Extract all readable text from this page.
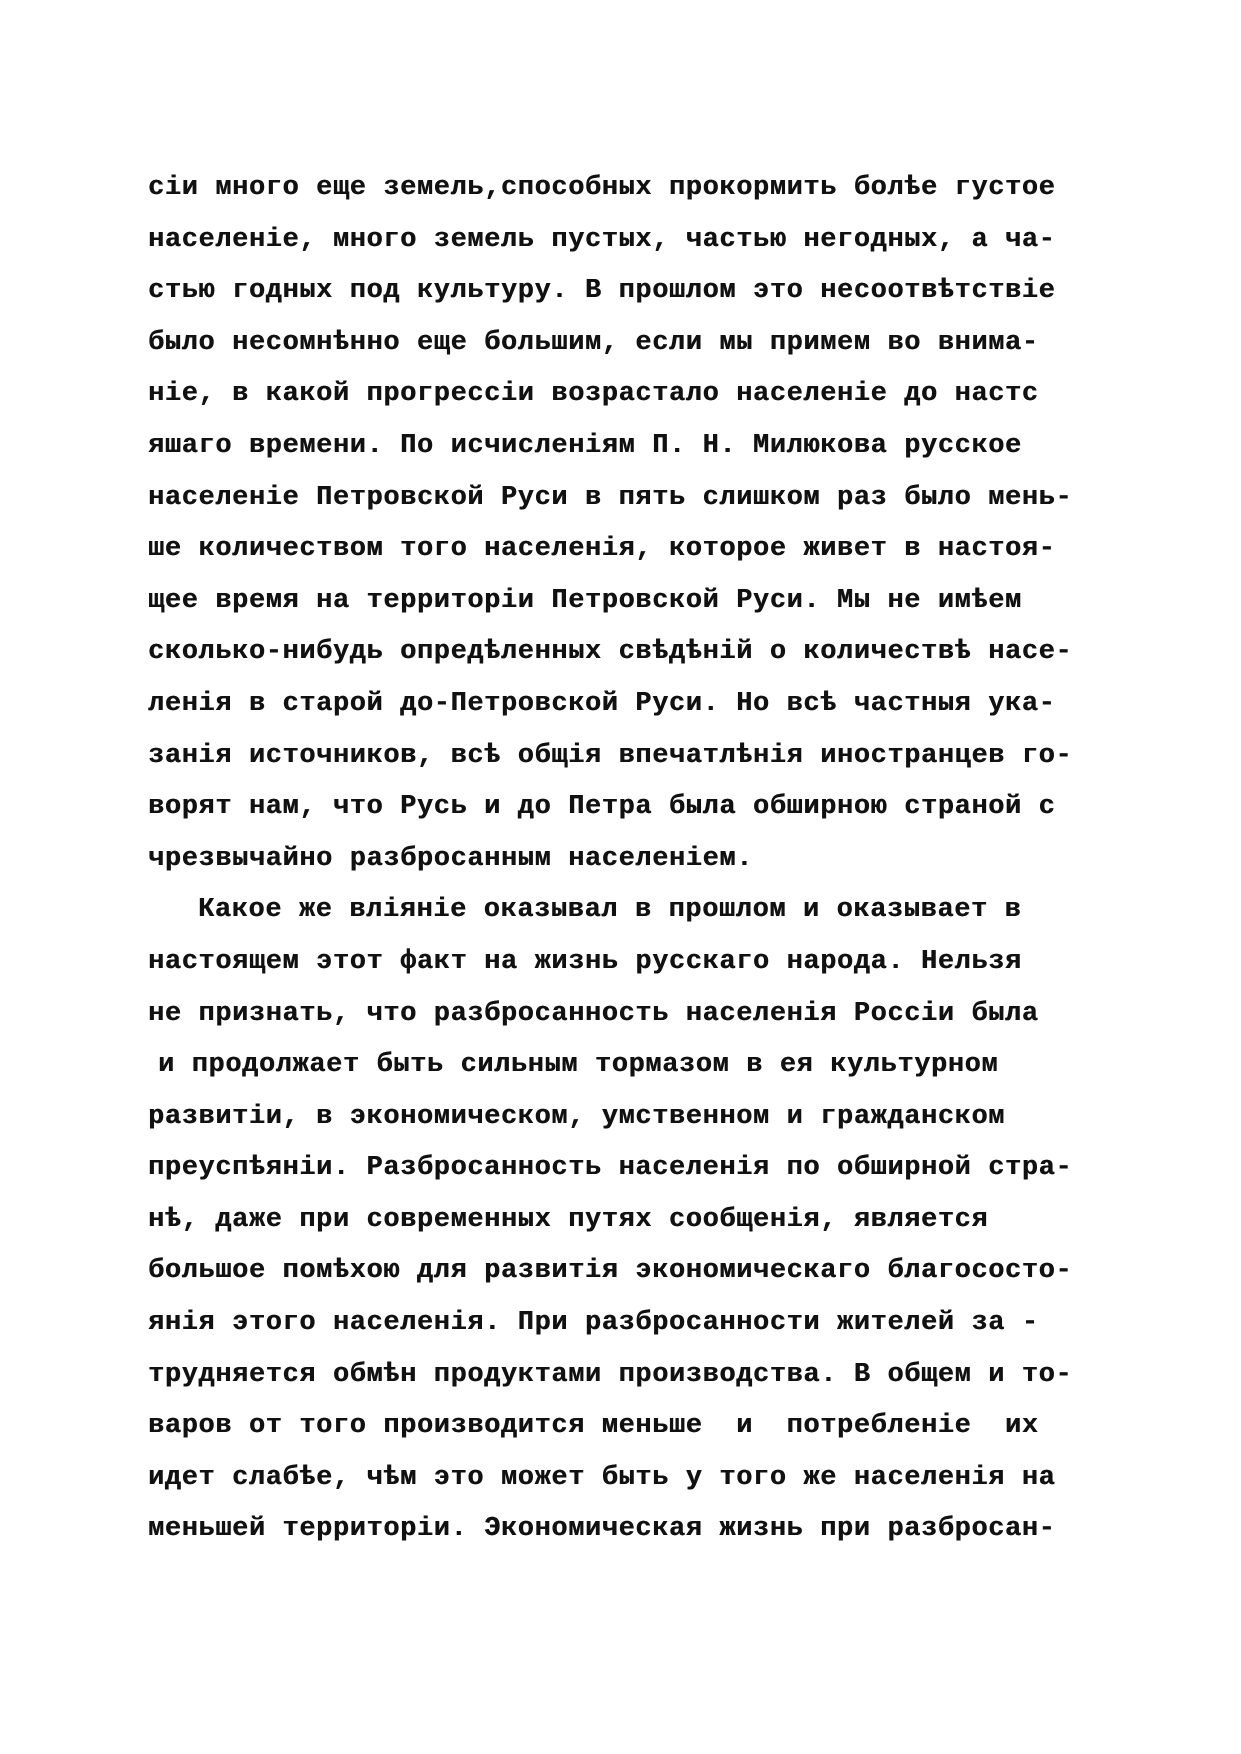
сіи много еще земель,способных прокормить болѣе густое
населеніе, много земель пустых, частью негодных, а ча-
стью годных под культуру. В прошлом это несоотвѣтствіе
было несомнѣнно еще большим, если мы примем во внима-
ніе, в какой прогрессіи возрастало населеніе до настс
яшаго времени. По исчисленіям П. Н. Милюкова русское
населеніе Петровской Руси в пять слишком раз было мень-
ше количеством того населенія, которое живет в настоя-
щее время на территоріи Петровской Руси. Мы не имѣем
сколько-нибудь опредѣленных свѣдѣній о количествѣ насе-
ленія в старой до-Петровской Руси. Но всѣ частныя ука-
занія источников, всѣ общія впечатлѣнія иностранцев го-
ворят нам, что Русь и до Петра была обширною страной с
чрезвычайно разбросанным населеніем.
Какое же вліяніе оказывал в прошлом и оказывает в
настоящем этот факт на жизнь русскаго народа. Нельзя
не признать, что разбросанность населенія Россіи была
и продолжает быть сильным тормазом в ея культурном
развитіи, в экономическом, умственном и гражданском
преуспѣяніи. Разбросанность населенія по обширной стра-
нѣ, даже при современных путях сообщенія, является
большое помѣхою для развитія экономическаго благососто-
янія этого населенія. При разбросанности жителей за -
трудняется обмѣн продуктами производства. В общем и то-
варов от того производится меньше  и  потребленіе  их
идет слабѣе, чѣм это может быть у того же населенія на
меньшей территоріи. Экономическая жизнь при разбросан-
